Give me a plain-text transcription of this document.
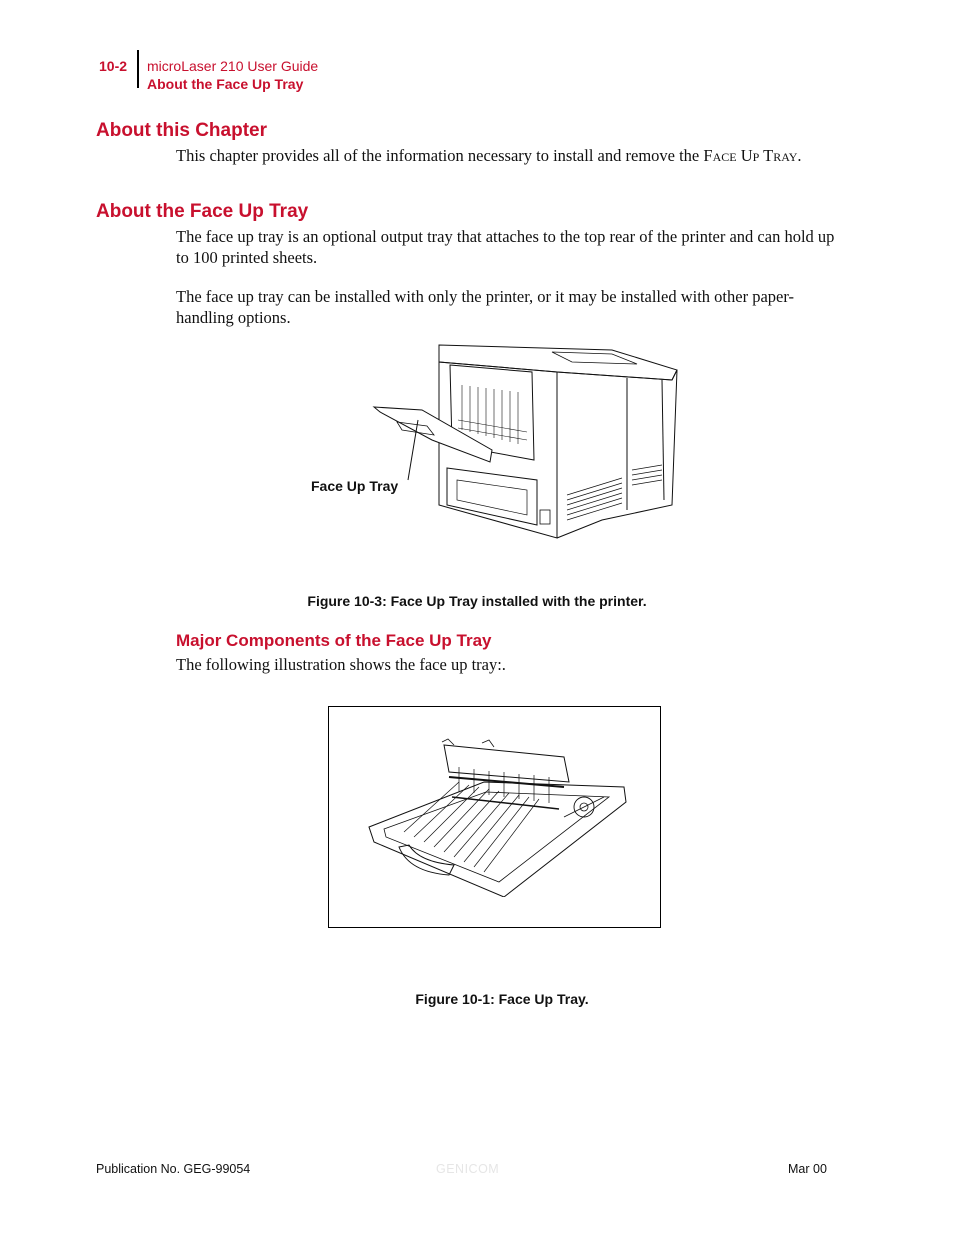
10-2 microLaser 210 User Guide
About the Face Up Tray
About this Chapter

This chapter provides all of the information necessary to install and remove the Face Up Tray.

About the Face Up Tray

The face up tray is an optional output tray that attaches to the top rear of the printer and can hold up to 100 printed sheets.

The face up tray can be installed with only the printer, or it may be installed with other paper-handling options.

Face Up Tray
Figure 10-3: Face Up Tray installed with the printer.
Major Components of the Face Up Tray

The following illustration shows the face up tray:.

Figure 10-1: Face Up Tray.
Publication No. GEG-99054	GENICOM	Mar 00
